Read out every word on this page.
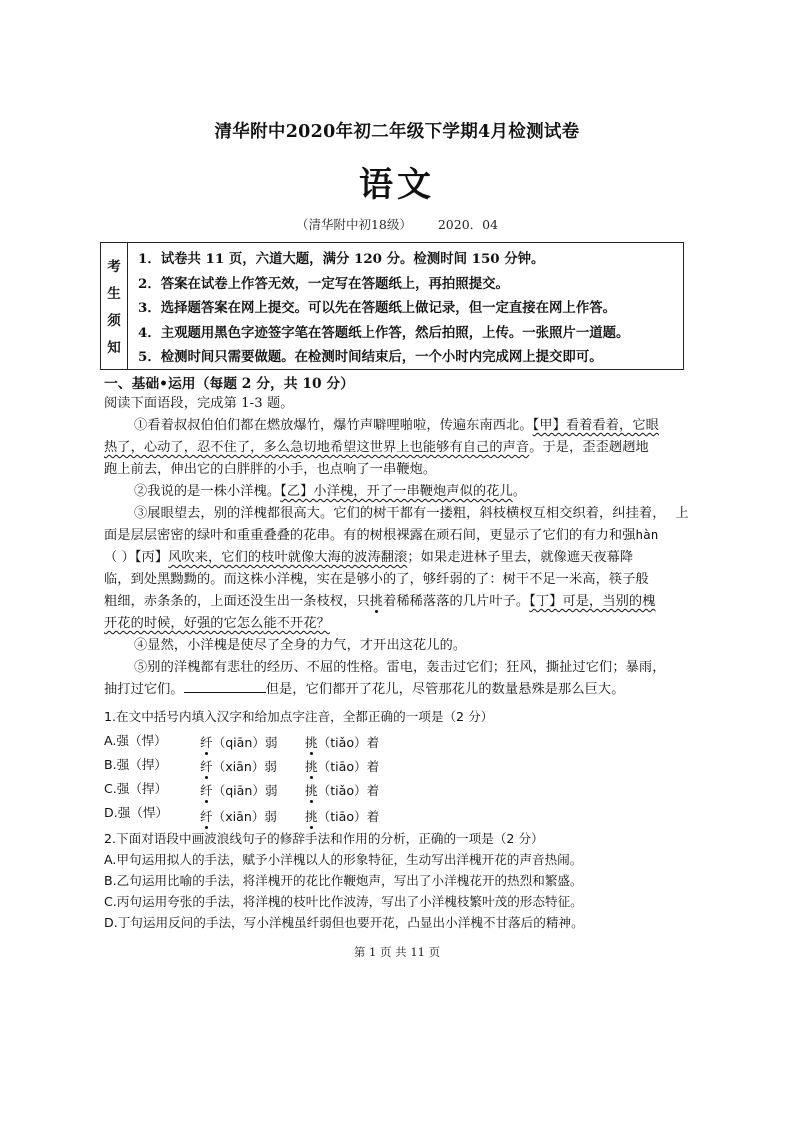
清华附中2020年初二年级下学期4月检测试卷
语文
（清华附中初18级） 2020．04
考
生
须
知
1．试卷共 11 页，六道大题，满分 120 分。检测时间 150 分钟。
2．答案在试卷上作答无效，一定写在答题纸上，再拍照提交。
3．选择题答案在网上提交。可以先在答题纸上做记录，但一定直接在网上作答。
4．主观题用黑色字迹签字笔在答题纸上作答，然后拍照，上传。一张照片一道题。
5．检测时间只需要做题。在检测时间结束后，一个小时内完成网上提交即可。
一、基础•运用（每题 2 分，共 10 分）
阅读下面语段，完成第 1-3 题。
①看着叔叔伯伯们都在燃放爆竹，爆竹声噼哩啪啦，传遍东南西北。【甲】看着看着，它眼
热了，心动了，忍不住了，多么急切地希望这世界上也能够有自己的声音。于是，歪歪趔趔地
跑上前去，伸出它的白胖胖的小手，也点响了一串鞭炮。
②我说的是一株小洋槐。【乙】小洋槐，开了一串鞭炮声似的花儿。
③展眼望去，别的洋槐都很高大。它们的树干都有一搂粗，斜枝横杈互相交织着，纠挂着， 上
面是层层密密的绿叶和重重叠叠的花串。有的树根裸露在顽石间，更显示了它们的有力和强hàn
（ ）【丙】风吹来，它们的枝叶就像大海的波涛翻滚；如果走进林子里去，就像遮天夜幕降
临，到处黑黝黝的。而这株小洋槐，实在是够小的了，够纤弱的了：树干不足一米高，筷子般
粗细，赤条条的，上面还没生出一条枝杈，只挑着稀稀落落的几片叶子。【丁】可是，当别的槐
开花的时候，好强的它怎么能不开花？
④显然，小洋槐是使尽了全身的力气，才开出这花儿的。
⑤别的洋槐都有悲壮的经历、不屈的性格。雷电，轰击过它们；狂风，撕扯过它们；暴雨，
抽打过它们。	但是，它们都开了花儿，尽管那花儿的数量悬殊是那么巨大。
1.在文中括号内填入汉字和给加点字注音，全都正确的一项是（2 分）
A.强（悍）	纤（qiān）弱 挑（tiǎo）着
B.强（捍）	纤（xiān）弱 挑（tiāo）着
C.强（捍）	纤（qiān）弱 挑（tiǎo）着
D.强（悍）	纤（xiān）弱 挑（tiāo）着
2.下面对语段中画波浪线句子的修辞手法和作用的分析，正确的一项是（2 分）
A.甲句运用拟人的手法，赋予小洋槐以人的形象特征，生动写出洋槐开花的声音热闹。
B.乙句运用比喻的手法，将洋槐开的花比作鞭炮声，写出了小洋槐花开的热烈和繁盛。
C.丙句运用夸张的手法，将洋槐的枝叶比作波涛，写出了小洋槐枝繁叶茂的形态特征。
D.丁句运用反问的手法，写小洋槐虽纤弱但也要开花，凸显出小洋槐不甘落后的精神。
第 1 页 共 11 页
